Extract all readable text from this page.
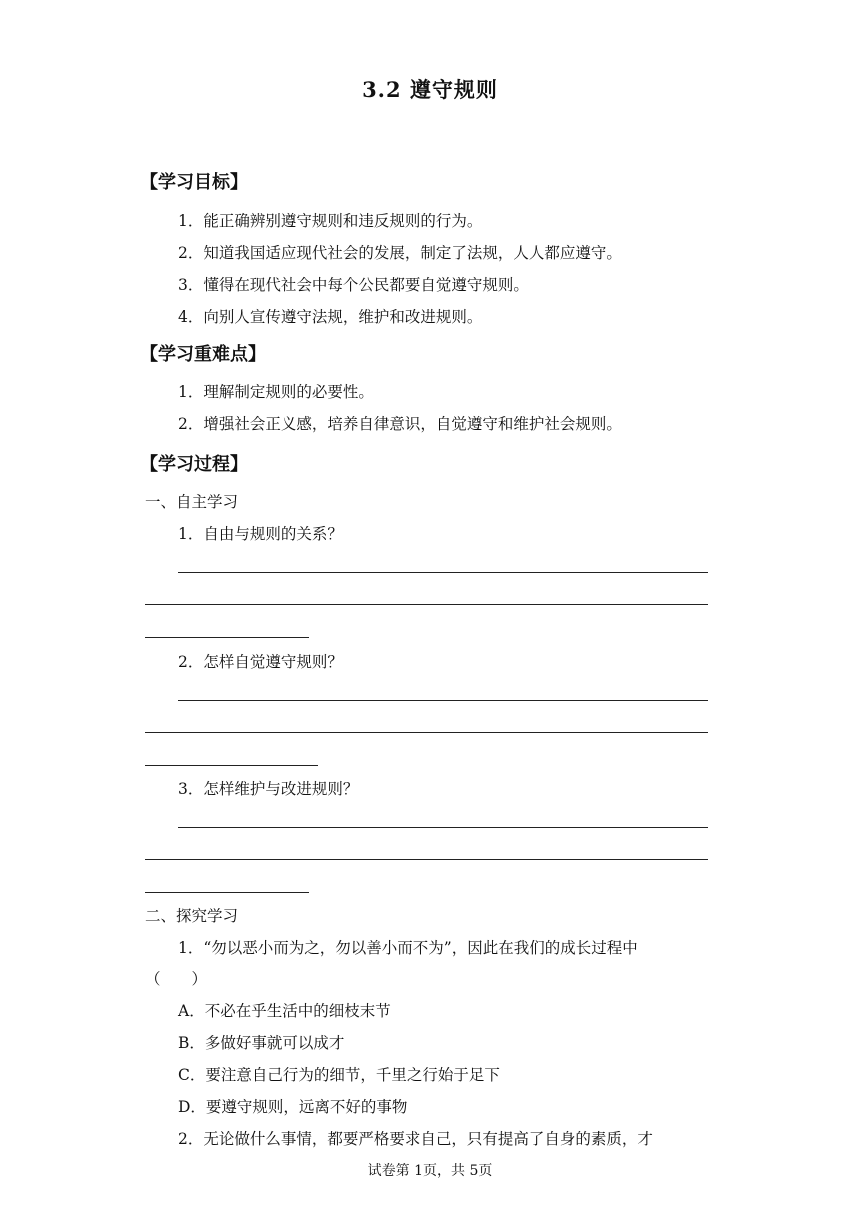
3.2 遵守规则
【学习目标】
1．能正确辨别遵守规则和违反规则的行为。
2．知道我国适应现代社会的发展，制定了法规，人人都应遵守。
3．懂得在现代社会中每个公民都要自觉遵守规则。
4．向别人宣传遵守法规，维护和改进规则。
【学习重难点】
1．理解制定规则的必要性。
2．增强社会正义感，培养自律意识，自觉遵守和维护社会规则。
【学习过程】
一、自主学习
1．自由与规则的关系？
2．怎样自觉遵守规则？
3．怎样维护与改进规则？
二、探究学习
1．“勿以恶小而为之，勿以善小而不为”，因此在我们的成长过程中
（　　）
A．不必在乎生活中的细枝末节
B．多做好事就可以成才
C．要注意自己行为的细节，千里之行始于足下
D．要遵守规则，远离不好的事物
2．无论做什么事情，都要严格要求自己，只有提高了自身的素质，才
试卷第 1页，共 5页
